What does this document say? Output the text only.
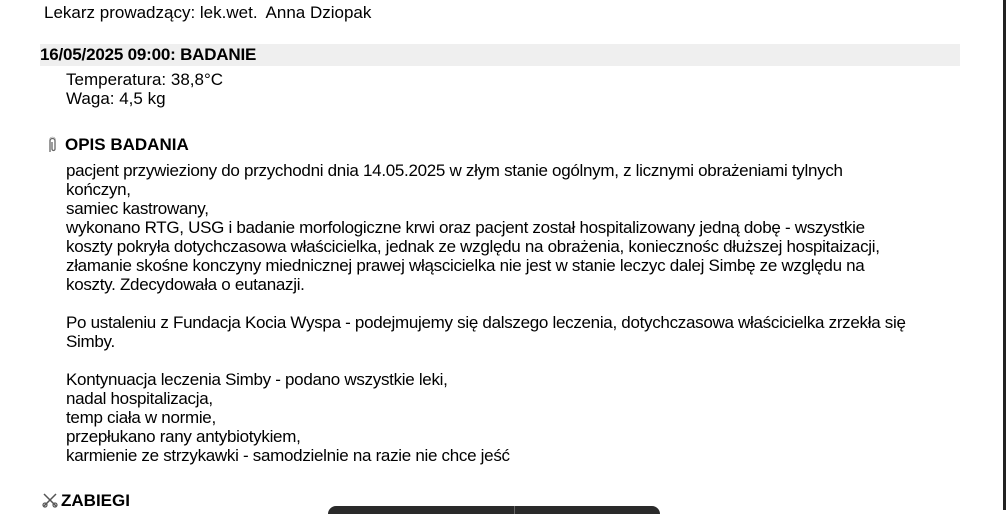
Lekarz prowadzący: lek.wet. Anna Dziopak
16/05/2025 09:00: BADANIE
Temperatura: 38,8°C
Waga: 4,5 kg
OPIS BADANIA

pacjent przywieziony do przychodni dnia 14.05.2025 w złym stanie ogólnym, z licznymi obrażeniami tylnych

kończyn,

samiec kastrowany,

wykonano RTG, USG i badanie morfologiczne krwi oraz pacjent został hospitalizowany jedną dobę - wszystkie

koszty pokryła dotychczasowa właścicielka, jednak ze względu na obrażenia, koniecznośc dłuższej hospitaizacji,

złamanie skośne konczyny miednicznej prawej włąscicielka nie jest w stanie leczyc dalej Simbę ze względu na

koszty. Zdecydowała o eutanazji.

Po ustaleniu z Fundacja Kocia Wyspa - podejmujemy się dalszego leczenia, dotychczasowa właścicielka zrzekła się

Simby.

Kontynuacja leczenia Simby - podano wszystkie leki,

nadal hospitalizacja,

temp ciała w normie,

przepłukano rany antybiotykiem,

karmienie ze strzykawki - samodzielnie na razie nie chce jeść

ZABIEGI
